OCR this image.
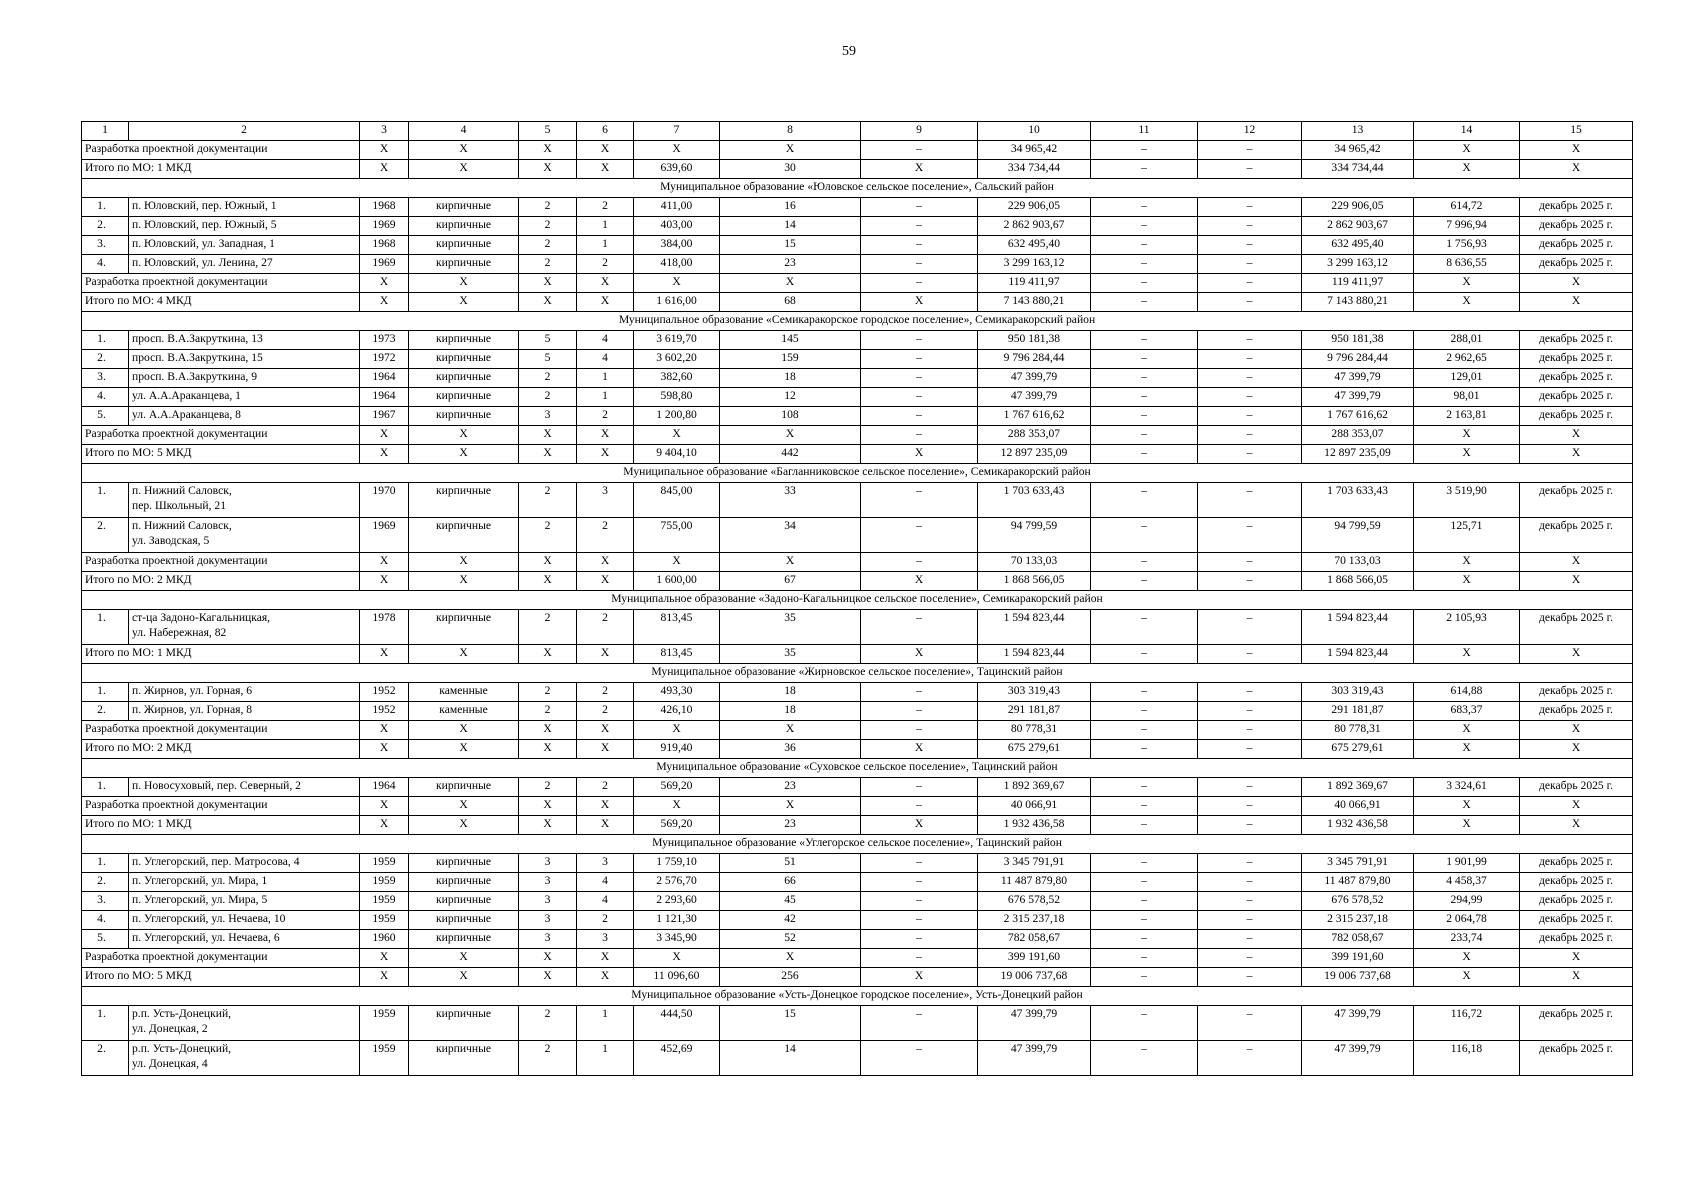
59
1	2	3	4	5	6	7	8	9	10	11	12	13	14	15
Разработка проектной документации		X	X	X	X	X	X	–	34 965,42	–	–	34 965,42	X	X
Итого по МО: 1 МКД		X	X	X	X	639,60	30	X	334 734,44	–	–	334 734,44	X	X
Муниципальное образование «Юловское сельское поселение», Сальский район														
1.	п. Юловский, пер. Южный, 1	1968	кирпичные	2	2	411,00	16	–	229 906,05	–	–	229 906,05	614,72	декабрь 2025 г.
2.	п. Юловский, пер. Южный, 5	1969	кирпичные	2	1	403,00	14	–	2 862 903,67	–	–	2 862 903,67	7 996,94	декабрь 2025 г.
3.	п. Юловский, ул. Западная, 1	1968	кирпичные	2	1	384,00	15	–	632 495,40	–	–	632 495,40	1 756,93	декабрь 2025 г.
4.	п. Юловский, ул. Ленина, 27	1969	кирпичные	2	2	418,00	23	–	3 299 163,12	–	–	3 299 163,12	8 636,55	декабрь 2025 г.
Разработка проектной документации		X	X	X	X	X	X	–	119 411,97	–	–	119 411,97	X	X
Итого по МО: 4 МКД		X	X	X	X	1 616,00	68	X	7 143 880,21	–	–	7 143 880,21	X	X
Муниципальное образование «Семикаракорское городское поселение», Семикаракорский район														
1.	просп. В.А.Закруткина, 13	1973	кирпичные	5	4	3 619,70	145	–	950 181,38	–	–	950 181,38	288,01	декабрь 2025 г.
2.	просп. В.А.Закруткина, 15	1972	кирпичные	5	4	3 602,20	159	–	9 796 284,44	–	–	9 796 284,44	2 962,65	декабрь 2025 г.
3.	просп. В.А.Закруткина, 9	1964	кирпичные	2	1	382,60	18	–	47 399,79	–	–	47 399,79	129,01	декабрь 2025 г.
4.	ул. А.А.Араканцева, 1	1964	кирпичные	2	1	598,80	12	–	47 399,79	–	–	47 399,79	98,01	декабрь 2025 г.
5.	ул. А.А.Араканцева, 8	1967	кирпичные	3	2	1 200,80	108	–	1 767 616,62	–	–	1 767 616,62	2 163,81	декабрь 2025 г.
Разработка проектной документации		X	X	X	X	X	X	–	288 353,07	–	–	288 353,07	X	X
Итого по МО: 5 МКД		X	X	X	X	9 404,10	442	X	12 897 235,09	–	–	12 897 235,09	X	X
Муниципальное образование «Багланниковское сельское поселение», Семикаракорский район														
1.	п. Нижний Саловск,
пер. Школьный, 21	1970	кирпичные	2	3	845,00	33	–	1 703 633,43	–	–	1 703 633,43	3 519,90	декабрь 2025 г.
2.	п. Нижний Саловск,
ул. Заводская, 5	1969	кирпичные	2	2	755,00	34	–	94 799,59	–	–	94 799,59	125,71	декабрь 2025 г.
Разработка проектной документации		X	X	X	X	X	X	–	70 133,03	–	–	70 133,03	X	X
Итого по МО: 2 МКД		X	X	X	X	1 600,00	67	X	1 868 566,05	–	–	1 868 566,05	X	X
Муниципальное образование «Задоно-Кагальницкое сельское поселение», Семикаракорский район														
1.	ст-ца Задоно-Кагальницкая,
ул. Набережная, 82	1978	кирпичные	2	2	813,45	35	–	1 594 823,44	–	–	1 594 823,44	2 105,93	декабрь 2025 г.
Итого по МО: 1 МКД		X	X	X	X	813,45	35	X	1 594 823,44	–	–	1 594 823,44	X	X
Муниципальное образование «Жирновское сельское поселение», Тацинский район														
1.	п. Жирнов, ул. Горная, 6	1952	каменные	2	2	493,30	18	–	303 319,43	–	–	303 319,43	614,88	декабрь 2025 г.
2.	п. Жирнов, ул. Горная, 8	1952	каменные	2	2	426,10	18	–	291 181,87	–	–	291 181,87	683,37	декабрь 2025 г.
Разработка проектной документации		X	X	X	X	X	X	–	80 778,31	–	–	80 778,31	X	X
Итого по МО: 2 МКД		X	X	X	X	919,40	36	X	675 279,61	–	–	675 279,61	X	X
Муниципальное образование «Суховское сельское поселение», Тацинский район														
1.	п. Новосуховый, пер. Северный, 2	1964	кирпичные	2	2	569,20	23	–	1 892 369,67	–	–	1 892 369,67	3 324,61	декабрь 2025 г.
Разработка проектной документации		X	X	X	X	X	X	–	40 066,91	–	–	40 066,91	X	X
Итого по МО: 1 МКД		X	X	X	X	569,20	23	X	1 932 436,58	–	–	1 932 436,58	X	X
Муниципальное образование «Углегорское сельское поселение», Тацинский район														
1.	п. Углегорский, пер. Матросова, 4	1959	кирпичные	3	3	1 759,10	51	–	3 345 791,91	–	–	3 345 791,91	1 901,99	декабрь 2025 г.
2.	п. Углегорский, ул. Мира, 1	1959	кирпичные	3	4	2 576,70	66	–	11 487 879,80	–	–	11 487 879,80	4 458,37	декабрь 2025 г.
3.	п. Углегорский, ул. Мира, 5	1959	кирпичные	3	4	2 293,60	45	–	676 578,52	–	–	676 578,52	294,99	декабрь 2025 г.
4.	п. Углегорский, ул. Нечаева, 10	1959	кирпичные	3	2	1 121,30	42	–	2 315 237,18	–	–	2 315 237,18	2 064,78	декабрь 2025 г.
5.	п. Углегорский, ул. Нечаева, 6	1960	кирпичные	3	3	3 345,90	52	–	782 058,67	–	–	782 058,67	233,74	декабрь 2025 г.
Разработка проектной документации		X	X	X	X	X	X	–	399 191,60	–	–	399 191,60	X	X
Итого по МО: 5 МКД		X	X	X	X	11 096,60	256	X	19 006 737,68	–	–	19 006 737,68	X	X
Муниципальное образование «Усть-Донецкое городское поселение», Усть-Донецкий район														
1.	р.п. Усть-Донецкий,
ул. Донецкая, 2	1959	кирпичные	2	1	444,50	15	–	47 399,79	–	–	47 399,79	116,72	декабрь 2025 г.
2.	р.п. Усть-Донецкий,
ул. Донецкая, 4	1959	кирпичные	2	1	452,69	14	–	47 399,79	–	–	47 399,79	116,18	декабрь 2025 г.
